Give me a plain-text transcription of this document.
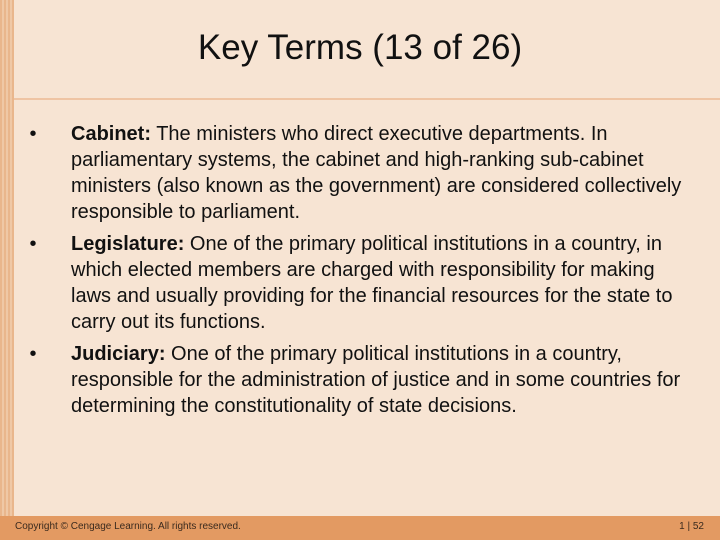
Key Terms (13 of 26)
• Cabinet: The ministers who direct executive departments. In parliamentary systems, the cabinet and high-ranking sub-cabinet ministers (also known as the government) are considered collectively responsible to parliament.
• Legislature: One of the primary political institutions in a country, in which elected members are charged with responsibility for making laws and usually providing for the financial resources for the state to carry out its functions.
• Judiciary: One of the primary political institutions in a country, responsible for the administration of justice and in some countries for determining the constitutionality of state decisions.
Copyright © Cengage Learning. All rights reserved.	1 | 52
